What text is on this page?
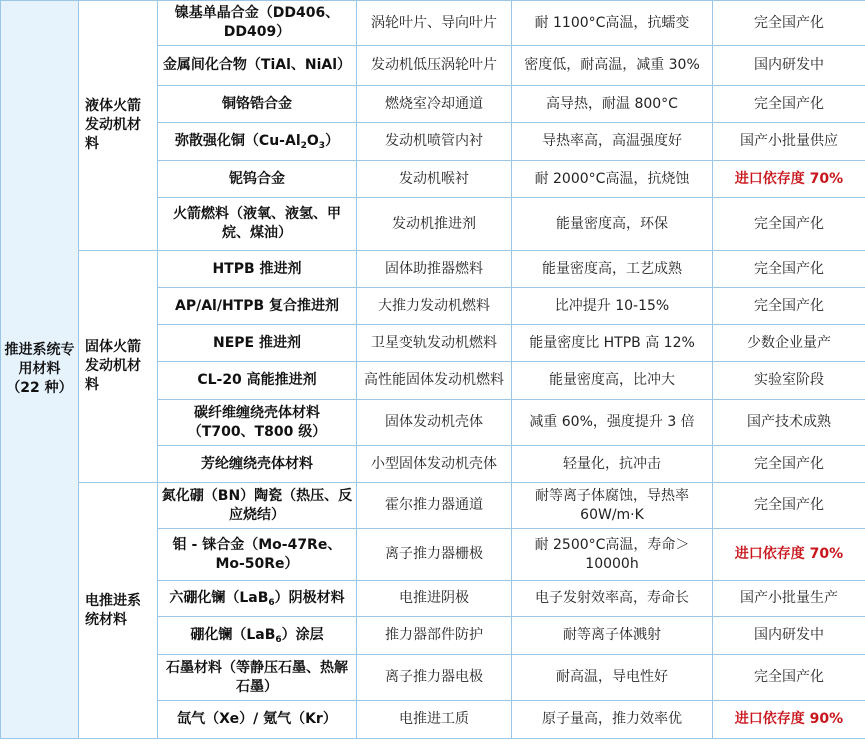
推进系统专用材料（22 种）	液体火箭发动机材料	镍基单晶合金（DD406、DD409）	涡轮叶片、导向叶片	耐 1100°C高温，抗蠕变	完全国产化
		金属间化合物（TiAl、NiAl）	发动机低压涡轮叶片	密度低，耐高温，减重 30%	国内研发中
		铜铬锆合金	燃烧室冷却通道	高导热，耐温 800°C	完全国产化
		弥散强化铜$(Cu-Al_2O_3)$	发动机喷管内衬	导热率高，高温强度好	国产小批量供应
		铌钨合金	发动机喉衬	耐 2000°C高温，抗烧蚀	进口依存度 70%
		火箭燃料（液氧、液氢、甲烷、煤油）	发动机推进剂	能量密度高，环保	完全国产化
	固体火箭发动机材料	HTPB 推进剂	固体助推器燃料	能量密度高，工艺成熟	完全国产化
		AP/Al/HTPB 复合推进剂	大推力发动机燃料	比冲提升 10-15%	完全国产化
		NEPE 推进剂	卫星变轨发动机燃料	能量密度比 HTPB 高 12%	少数企业量产
		CL-20 高能推进剂	高性能固体发动机燃料	能量密度高，比冲大	实验室阶段
		碳纤维缠绕壳体材料（T700、T800 级）	固体发动机壳体	减重 60%，强度提升 3 倍	国产技术成熟
		芳纶缠绕壳体材料	小型固体发动机壳体	轻量化，抗冲击	完全国产化
	电推进系统材料	氮化硼（BN）陶瓷（热压、反应烧结）	霍尔推力器通道	耐等离子体腐蚀，导热率 60W/m·K	完全国产化
		钼 - 铼合金（Mo-47Re、Mo-50Re）	离子推力器栅极	耐 2500°C高温，寿命＞10000h	进口依存度 70%
		六硼化镧（LaB$_6$）阴极材料	电推进阴极	电子发射效率高，寿命长	国产小批量生产
		硼化镧（LaB$_6$）涂层	推力器部件防护	耐等离子体溅射	国内研发中
		石墨材料（等静压石墨、热解石墨）	离子推力器电极	耐高温，导电性好	完全国产化
		氙气（Xe）/ 氪气（Kr）	电推进工质	原子量高，推力效率优	进口依存度 90%
